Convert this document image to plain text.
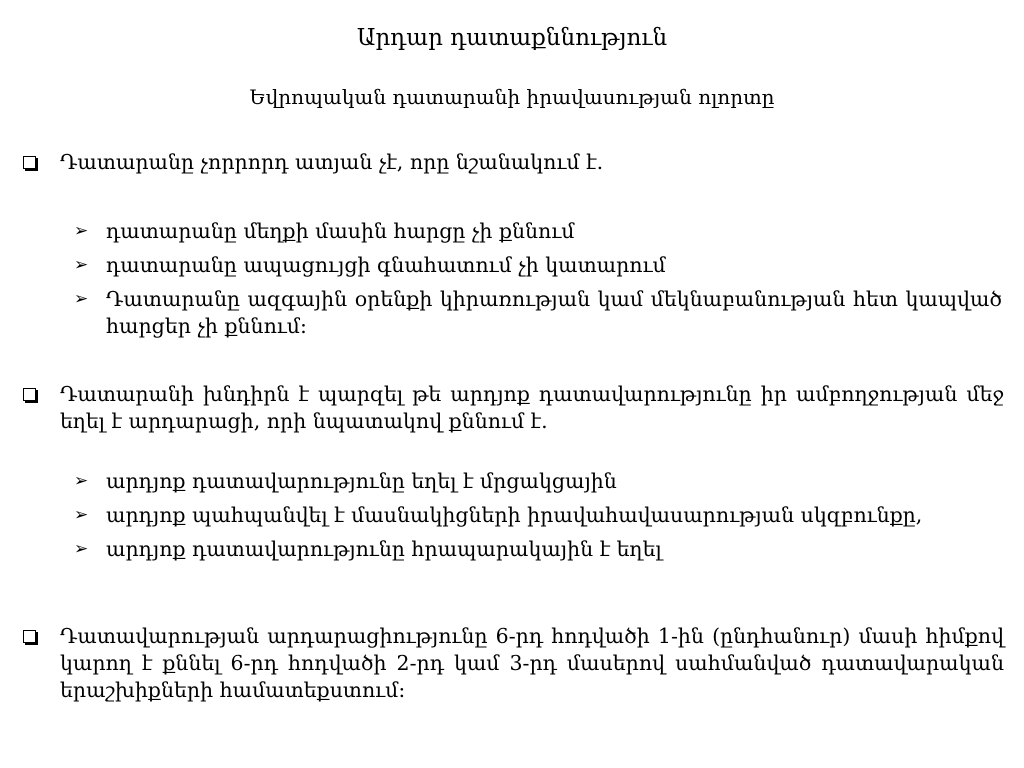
Արդար դատաքննություն
Եվրոպական դատարանի իրավասության ոլորտը
Դատարանը չորրորդ ատյան չէ, որը նշանակում է.
➢ դատարանը մեղքի մասին հարցը չի քննում
➢ դատարանը ապացույցի գնահատում չի կատարում
➢ Դատարանը ազգային օրենքի կիրառության կամ մեկնաբանության հետ կապված հարցեր չի քննում:
Դատարանի խնդիրն է պարզել թե արդյոք դատավարությունը իր ամբողջության մեջ եղել է արդարացի, որի նպատակով քննում է.
➢ արդյոք դատավարությունը եղել է մրցակցային
➢ արդյոք պահպանվել է մասնակիցների իրավահավասարության սկզբունքը,
➢ արդյոք դատավարությունը հրապարակային է եղել
Դատավարության արդարացիությունը 6-րդ հոդվածի 1-ին (ընդհանուր) մասի հիմքով կարող է քննել 6-րդ հոդվածի 2-րդ կամ 3-րդ մասերով սահմանված դատավարական երաշխիքների համատեքստում:
